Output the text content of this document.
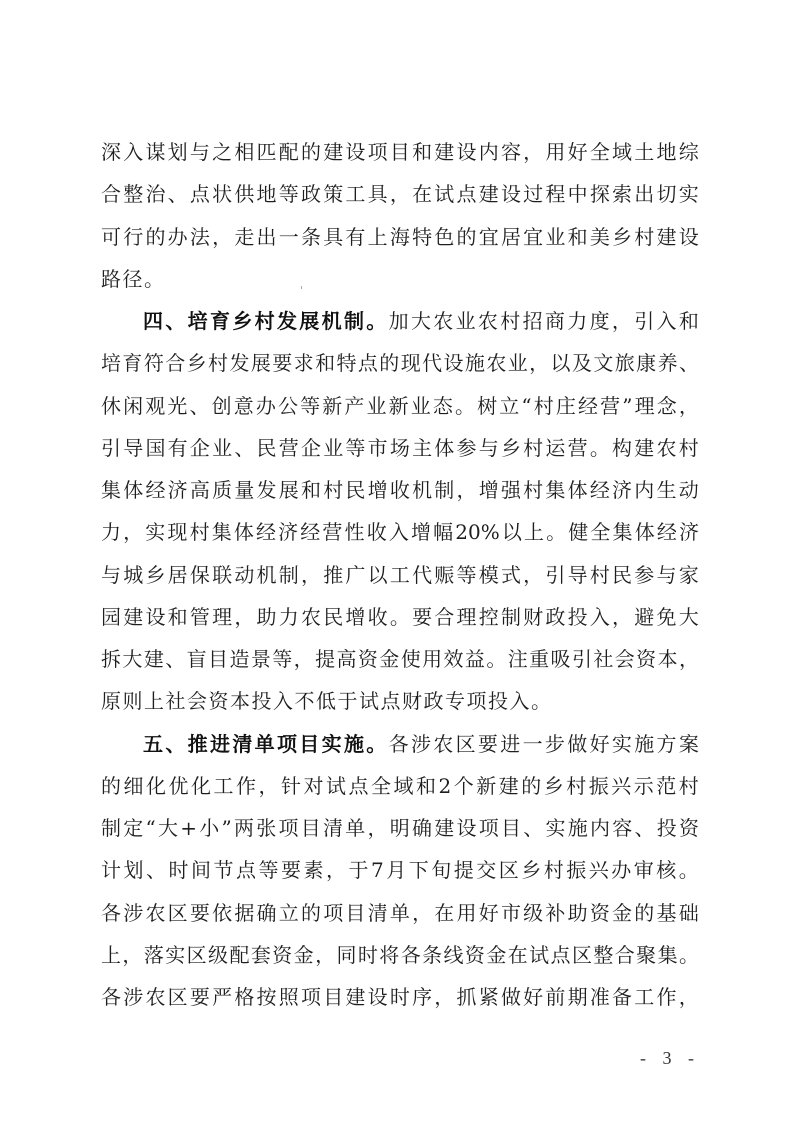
深 入 谋 划 与 之 相 匹 配 的 建 设 项 目 和 建 设 内 容 ， 用 好 全 域 土 地 综
合 整 治 、 点 状 供 地 等 政 策 工 具 ， 在 试 点 建 设 过 程 中 探 索 出 切 实
可 行 的 办 法 ， 走 出 一 条 具 有 上 海 特 色 的 宜 居 宜 业 和 美 乡 村 建 设
路 径 。
四 、 培 育 乡 村 发 展 机 制 。 加 大 农 业 农 村 招 商 力 度 ， 引 入 和
培 育 符 合 乡 村 发 展 要 求 和 特 点 的 现 代 设 施 农 业 ， 以 及 文 旅 康 养 、
休 闲 观 光 、 创 意 办 公 等 新 产 业 新 业 态 。 树 立 “ 村 庄 经 营 ” 理 念 ，
引 导 国 有 企 业 、 民 营 企 业 等 市 场 主 体 参 与 乡 村 运 营 。 构 建 农 村
集 体 经 济 高 质 量 发 展 和 村 民 增 收 机 制 ， 增 强 村 集 体 经 济 内 生 动
力 ， 实 现 村 集 体 经 济 经 营 性 收 入 增 幅 20% 以 上 。 健 全 集 体 经 济
与 城 乡 居 保 联 动 机 制 ， 推 广 以 工 代 赈 等 模 式 ， 引 导 村 民 参 与 家
园 建 设 和 管 理 ， 助 力 农 民 增 收 。 要 合 理 控 制 财 政 投 入 ， 避 免 大
拆 大 建 、 盲 目 造 景 等 ， 提 高 资 金 使 用 效 益 。 注 重 吸 引 社 会 资 本 ，
原 则 上 社 会 资 本 投 入 不 低 于 试 点 财 政 专 项 投 入 。
五 、 推 进 清 单 项 目 实 施 。 各 涉 农 区 要 进 一 步 做 好 实 施 方 案
的 细 化 优 化 工 作 ， 针 对 试 点 全 域 和 2 个 新 建 的 乡 村 振 兴 示 范 村
制 定 “ 大 + 小 ” 两 张 项 目 清 单 ， 明 确 建 设 项 目 、 实 施 内 容 、 投 资
计 划 、 时 间 节 点 等 要 素 ， 于 7 月 下 旬 提 交 区 乡 村 振 兴 办 审 核 。
各 涉 农 区 要 依 据 确 立 的 项 目 清 单 ， 在 用 好 市 级 补 助 资 金 的 基 础
上 ， 落 实 区 级 配 套 资 金 ， 同 时 将 各 条 线 资 金 在 试 点 区 整 合 聚 集 。
各 涉 农 区 要 严 格 按 照 项 目 建 设 时 序 ， 抓 紧 做 好 前 期 准 备 工 作 ，
- 3 -
